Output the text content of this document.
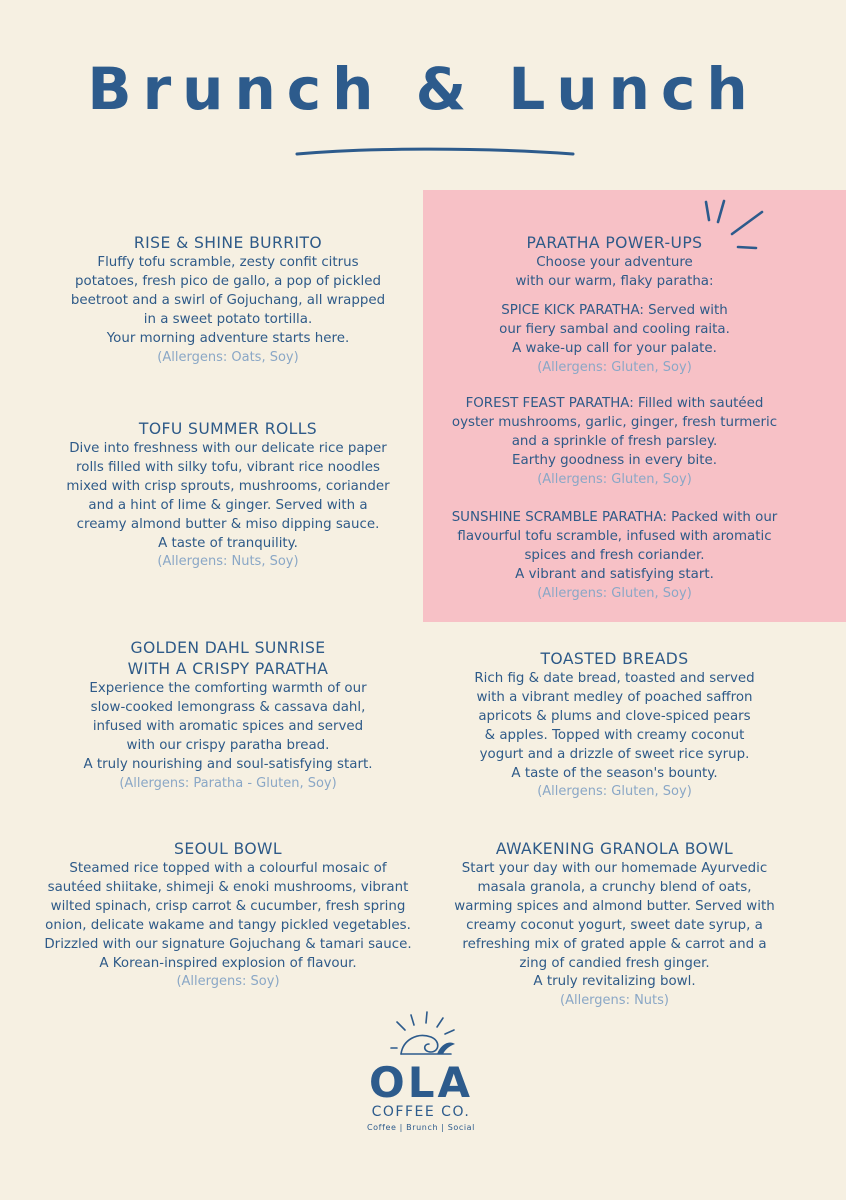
Brunch & Lunch
RISE & SHINE BURRITO
Fluffy tofu scramble, zesty confit citrus
potatoes, fresh pico de gallo, a pop of pickled
beetroot and a swirl of Gojuchang, all wrapped
in a sweet potato tortilla.
Your morning adventure starts here.
(Allergens: Oats, Soy)
TOFU SUMMER ROLLS
Dive into freshness with our delicate rice paper
rolls filled with silky tofu, vibrant rice noodles
mixed with crisp sprouts, mushrooms, coriander
and a hint of lime & ginger. Served with a
creamy almond butter & miso dipping sauce.
A taste of tranquility.
(Allergens: Nuts, Soy)
GOLDEN DAHL SUNRISE
WITH A CRISPY PARATHA
Experience the comforting warmth of our
slow-cooked lemongrass & cassava dahl,
infused with aromatic spices and served
with our crispy paratha bread.
A truly nourishing and soul-satisfying start.
(Allergens: Paratha - Gluten, Soy)
SEOUL BOWL
Steamed rice topped with a colourful mosaic of
sautéed shiitake, shimeji & enoki mushrooms, vibrant
wilted spinach, crisp carrot & cucumber, fresh spring
onion, delicate wakame and tangy pickled vegetables.
Drizzled with our signature Gojuchang & tamari sauce.
A Korean-inspired explosion of flavour.
(Allergens: Soy)
PARATHA POWER-UPS
Choose your adventure
with our warm, flaky paratha:
SPICE KICK PARATHA: Served with
our fiery sambal and cooling raita.
A wake-up call for your palate.
(Allergens: Gluten, Soy)
FOREST FEAST PARATHA: Filled with sautéed
oyster mushrooms, garlic, ginger, fresh turmeric
and a sprinkle of fresh parsley.
Earthy goodness in every bite.
(Allergens: Gluten, Soy)
SUNSHINE SCRAMBLE PARATHA: Packed with our
flavourful tofu scramble, infused with aromatic
spices and fresh coriander.
A vibrant and satisfying start.
(Allergens: Gluten, Soy)
TOASTED BREADS
Rich fig & date bread, toasted and served
with a vibrant medley of poached saffron
apricots & plums and clove-spiced pears
& apples. Topped with creamy coconut
yogurt and a drizzle of sweet rice syrup.
A taste of the season's bounty.
(Allergens: Gluten, Soy)
AWAKENING GRANOLA BOWL
Start your day with our homemade Ayurvedic
masala granola, a crunchy blend of oats,
warming spices and almond butter. Served with
creamy coconut yogurt, sweet date syrup, a
refreshing mix of grated apple & carrot and a
zing of candied fresh ginger.
A truly revitalizing bowl.
(Allergens: Nuts)
OLA
COFFEE CO.
Coffee | Brunch | Social
